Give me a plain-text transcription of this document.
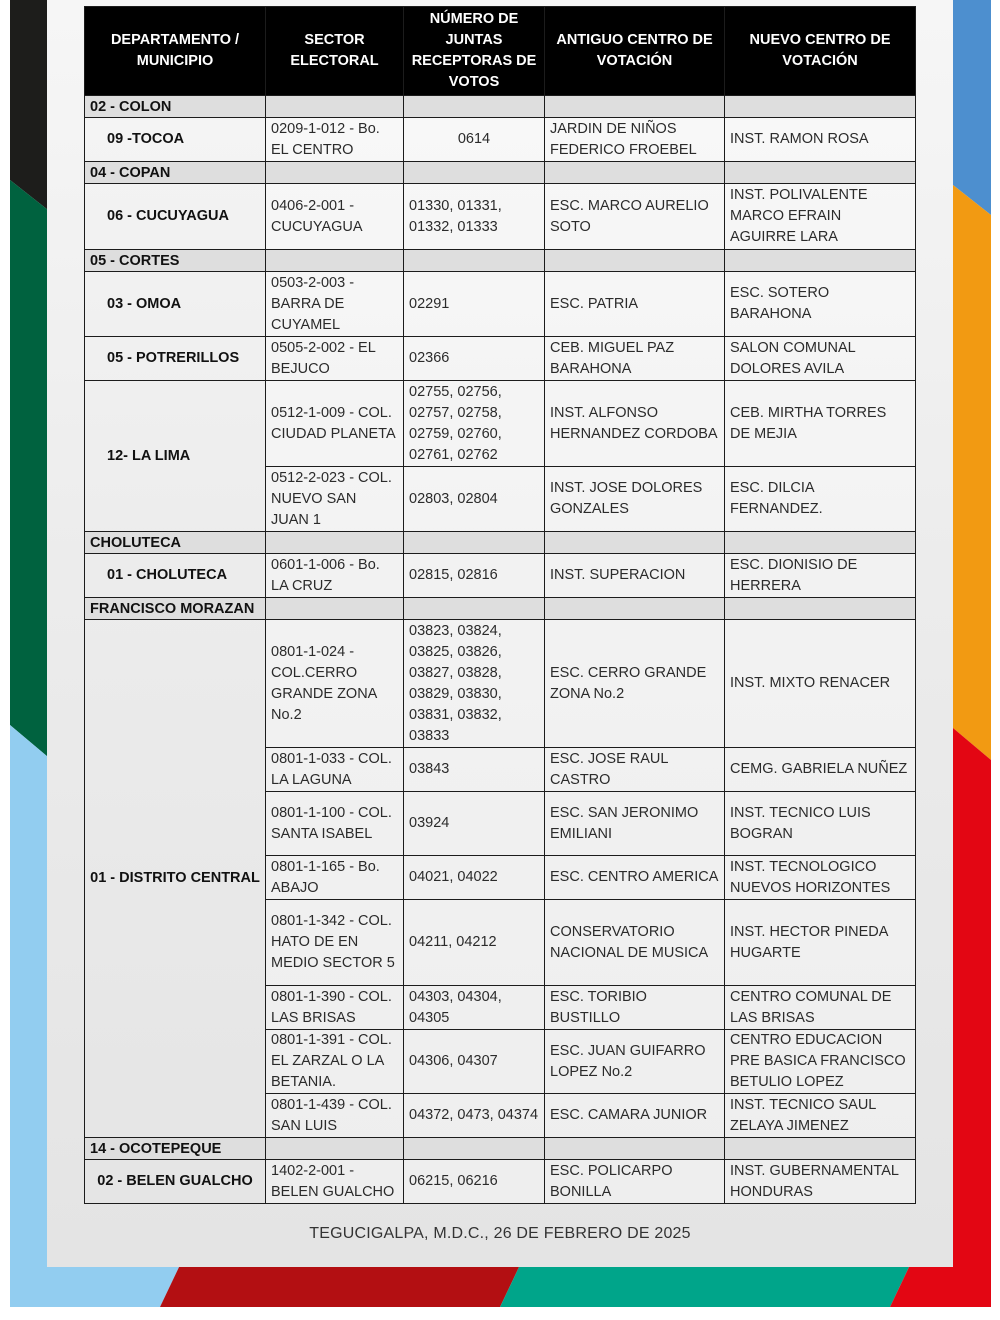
DEPARTAMENTO / MUNICIPIO	SECTOR ELECTORAL	NÚMERO DE JUNTAS RECEPTORAS DE VOTOS	ANTIGUO CENTRO DE VOTACIÓN	NUEVO CENTRO DE VOTACIÓN
02 - COLON				
09 -TOCOA	0209-1-012 - Bo. EL CENTRO	0614	JARDIN DE NIÑOS FEDERICO FROEBEL	INST. RAMON ROSA
04 - COPAN				
06 - CUCUYAGUA	0406-2-001 - CUCUYAGUA	01330, 01331, 01332, 01333	ESC. MARCO AURELIO SOTO	INST. POLIVALENTE MARCO EFRAIN AGUIRRE LARA
05 - CORTES				
03 - OMOA	0503-2-003 - BARRA DE CUYAMEL	02291	ESC. PATRIA	ESC. SOTERO BARAHONA
05 - POTRERILLOS	0505-2-002 - EL BEJUCO	02366	CEB. MIGUEL PAZ BARAHONA	SALON COMUNAL DOLORES AVILA
12- LA LIMA	0512-1-009 - COL. CIUDAD PLANETA	02755, 02756, 02757, 02758, 02759, 02760, 02761, 02762	INST. ALFONSO HERNANDEZ CORDOBA	CEB. MIRTHA TORRES DE MEJIA
	0512-2-023 - COL. NUEVO SAN JUAN 1	02803, 02804	INST. JOSE DOLORES GONZALES	ESC. DILCIA FERNANDEZ.
CHOLUTECA				
01 - CHOLUTECA	0601-1-006 - Bo. LA CRUZ	02815, 02816	INST. SUPERACION	ESC. DIONISIO DE HERRERA
FRANCISCO MORAZAN				
01 - DISTRITO CENTRAL	0801-1-024 - COL.CERRO GRANDE ZONA No.2	03823, 03824, 03825, 03826, 03827, 03828, 03829, 03830, 03831, 03832, 03833	ESC. CERRO GRANDE ZONA No.2	INST. MIXTO RENACER
	0801-1-033 - COL. LA LAGUNA	03843	ESC. JOSE RAUL CASTRO	CEMG. GABRIELA NUÑEZ
	0801-1-100 - COL. SANTA ISABEL	03924	ESC. SAN JERONIMO EMILIANI	INST. TECNICO LUIS BOGRAN
	0801-1-165 - Bo. ABAJO	04021, 04022	ESC. CENTRO AMERICA	INST. TECNOLOGICO NUEVOS HORIZONTES
	0801-1-342 - COL. HATO DE EN MEDIO SECTOR 5	04211, 04212	CONSERVATORIO NACIONAL DE MUSICA	INST. HECTOR PINEDA HUGARTE
	0801-1-390 - COL. LAS BRISAS	04303, 04304, 04305	ESC. TORIBIO BUSTILLO	CENTRO COMUNAL DE LAS BRISAS
	0801-1-391 - COL. EL ZARZAL O LA BETANIA.	04306, 04307	ESC. JUAN GUIFARRO LOPEZ No.2	CENTRO EDUCACION PRE BASICA FRANCISCO BETULIO LOPEZ
	0801-1-439 - COL. SAN LUIS	04372, 0473, 04374	ESC. CAMARA JUNIOR	INST. TECNICO SAUL ZELAYA JIMENEZ
14 - OCOTEPEQUE				
02 - BELEN GUALCHO	1402-2-001 - BELEN GUALCHO	06215, 06216	ESC. POLICARPO BONILLA	INST. GUBERNAMENTAL HONDURAS
TEGUCIGALPA, M.D.C., 26 DE FEBRERO DE 2025
